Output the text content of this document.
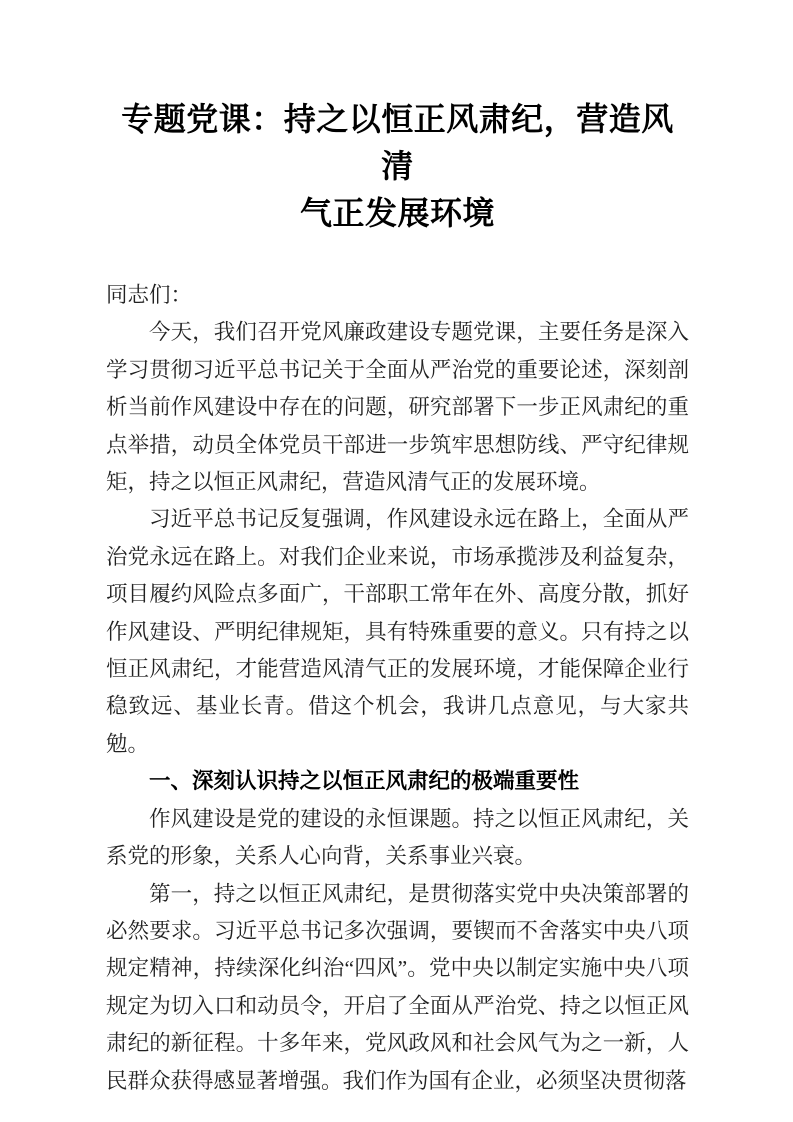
专题党课：持之以恒正风肃纪，营造风清
气正发展环境

同志们：

今天，我们召开党风廉政建设专题党课，主要任务是深入学习贯彻习近平总书记关于全面从严治党的重要论述，深刻剖析当前作风建设中存在的问题，研究部署下一步正风肃纪的重点举措，动员全体党员干部进一步筑牢思想防线、严守纪律规矩，持之以恒正风肃纪，营造风清气正的发展环境。

习近平总书记反复强调，作风建设永远在路上，全面从严治党永远在路上。对我们企业来说，市场承揽涉及利益复杂，项目履约风险点多面广，干部职工常年在外、高度分散，抓好作风建设、严明纪律规矩，具有特殊重要的意义。只有持之以恒正风肃纪，才能营造风清气正的发展环境，才能保障企业行稳致远、基业长青。借这个机会，我讲几点意见，与大家共勉。

一、深刻认识持之以恒正风肃纪的极端重要性

作风建设是党的建设的永恒课题。持之以恒正风肃纪，关系党的形象，关系人心向背，关系事业兴衰。

第一，持之以恒正风肃纪，是贯彻落实党中央决策部署的必然要求。习近平总书记多次强调，要锲而不舍落实中央八项规定精神，持续深化纠治“四风”。党中央以制定实施中央八项规定为切入口和动员令，开启了全面从严治党、持之以恒正风肃纪的新征程。十多年来，党风政风和社会风气为之一新，人民群众获得感显著增强。我们作为国有企业，必须坚决贯彻落
